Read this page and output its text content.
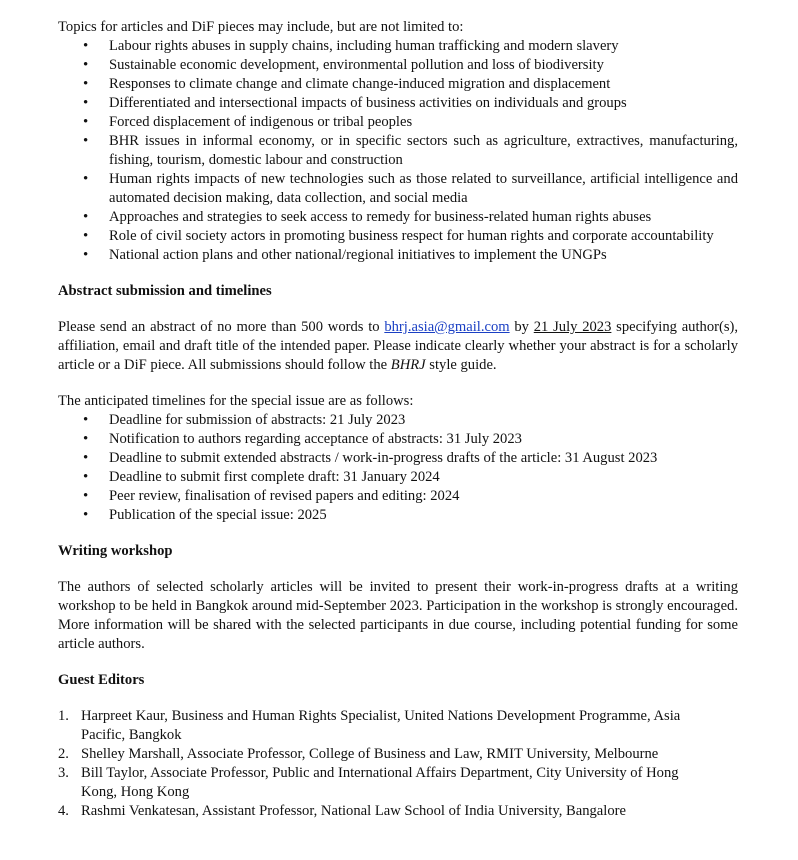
Topics for articles and DiF pieces may include, but are not limited to:

• Labour rights abuses in supply chains, including human trafficking and modern slavery
• Sustainable economic development, environmental pollution and loss of biodiversity
• Responses to climate change and climate change-induced migration and displacement
• Differentiated and intersectional impacts of business activities on individuals and groups
• Forced displacement of indigenous or tribal peoples
• BHR issues in informal economy, or in specific sectors such as agriculture, extractives, manufacturing, fishing, tourism, domestic labour and construction
• Human rights impacts of new technologies such as those related to surveillance, artificial intelligence and automated decision making, data collection, and social media
• Approaches and strategies to seek access to remedy for business-related human rights abuses
• Role of civil society actors in promoting business respect for human rights and corporate accountability
• National action plans and other national/regional initiatives to implement the UNGPs
Abstract submission and timelines

Please send an abstract of no more than 500 words to bhrj.asia@gmail.com by 21 July 2023 specifying author(s), affiliation, email and draft title of the intended paper. Please indicate clearly whether your abstract is for a scholarly article or a DiF piece. All submissions should follow the BHRJ style guide.

The anticipated timelines for the special issue are as follows:

• Deadline for submission of abstracts: 21 July 2023
• Notification to authors regarding acceptance of abstracts: 31 July 2023
• Deadline to submit extended abstracts / work-in-progress drafts of the article: 31 August 2023
• Deadline to submit first complete draft: 31 January 2024
• Peer review, finalisation of revised papers and editing: 2024
• Publication of the special issue: 2025
Writing workshop

The authors of selected scholarly articles will be invited to present their work-in-progress drafts at a writing workshop to be held in Bangkok around mid-September 2023. Participation in the workshop is strongly encouraged. More information will be shared with the selected participants in due course, including potential funding for some article authors.

Guest Editors
1. Harpreet Kaur, Business and Human Rights Specialist, United Nations Development Programme, Asia Pacific, Bangkok
2. Shelley Marshall, Associate Professor, College of Business and Law, RMIT University, Melbourne
3. Bill Taylor, Associate Professor, Public and International Affairs Department, City University of Hong Kong, Hong Kong
4. Rashmi Venkatesan, Assistant Professor, National Law School of India University, Bangalore
